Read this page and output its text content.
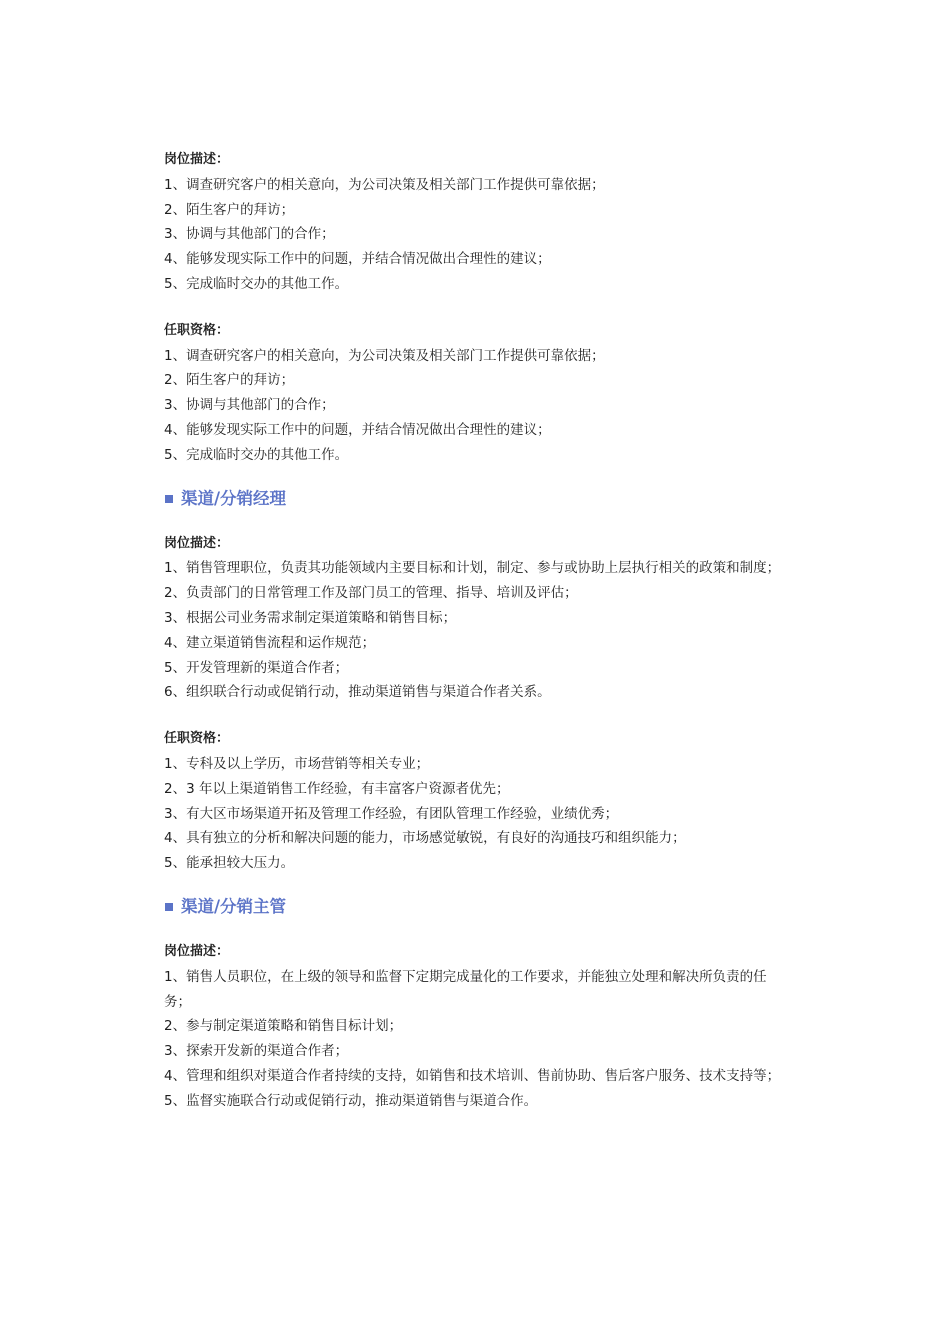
岗位描述：

1、调查研究客户的相关意向，为公司决策及相关部门工作提供可靠依据；

2、陌生客户的拜访；

3、协调与其他部门的合作；

4、能够发现实际工作中的问题，并结合情况做出合理性的建议；

5、完成临时交办的其他工作。

任职资格：

1、调查研究客户的相关意向，为公司决策及相关部门工作提供可靠依据；

2、陌生客户的拜访；

3、协调与其他部门的合作；

4、能够发现实际工作中的问题，并结合情况做出合理性的建议；

5、完成临时交办的其他工作。

渠道/分销经理

岗位描述：

1、销售管理职位，负责其功能领域内主要目标和计划，制定、参与或协助上层执行相关的政策和制度；

2、负责部门的日常管理工作及部门员工的管理、指导、培训及评估；

3、根据公司业务需求制定渠道策略和销售目标；

4、建立渠道销售流程和运作规范；

5、开发管理新的渠道合作者；

6、组织联合行动或促销行动，推动渠道销售与渠道合作者关系。

任职资格：

1、专科及以上学历，市场营销等相关专业；

2、3 年以上渠道销售工作经验，有丰富客户资源者优先；

3、有大区市场渠道开拓及管理工作经验，有团队管理工作经验，业绩优秀；

4、具有独立的分析和解决问题的能力，市场感觉敏锐，有良好的沟通技巧和组织能力；

5、能承担较大压力。

渠道/分销主管

岗位描述：

1、销售人员职位，在上级的领导和监督下定期完成量化的工作要求，并能独立处理和解决所负责的任务；

2、参与制定渠道策略和销售目标计划；

3、探索开发新的渠道合作者；

4、管理和组织对渠道合作者持续的支持，如销售和技术培训、售前协助、售后客户服务、技术支持等；

5、监督实施联合行动或促销行动，推动渠道销售与渠道合作。
